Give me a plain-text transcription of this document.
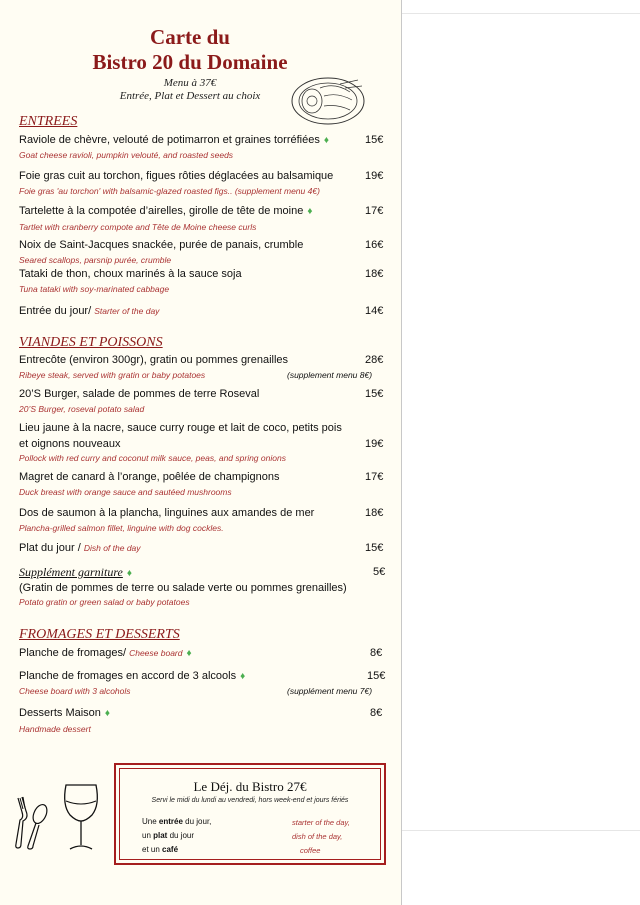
Carte du
Bistro 20 du Domaine
Menu à 37€
Entrée, Plat et Dessert au choix
ENTREES
Raviole de chèvre, velouté de potimarron et graines torréfiées ♦	15€
Goat cheese ravioli, pumpkin velouté, and roasted seeds
Foie gras cuit au torchon, figues rôties déglacées au balsamique	19€
Foie gras 'au torchon' with balsamic-glazed roasted figs.. (supplement menu 4€)
Tartelette à la compotée d’airelles, girolle de tête de moine ♦	17€
Tartlet with cranberry compote and Tête de Moine cheese curls
Noix de Saint-Jacques snackée, purée de panais, crumble	16€
Seared scallops, parsnip purée, crumble
Tataki de thon, choux marinés à la sauce soja	18€
Tuna tataki with soy-marinated cabbage
Entrée du jour/ Starter of the day	14€
VIANDES ET POISSONS
Entrecôte (environ 300gr), gratin ou pommes grenailles	28€
Ribeye steak, served with gratin or baby potatoes	(supplement menu 8€)
20’S Burger, salade de pommes de terre Roseval	15€
20’S Burger, roseval potato salad
Lieu jaune à la nacre, sauce curry rouge et lait de coco, petits pois
et oignons nouveaux	19€
Pollock with red curry and coconut milk sauce, peas, and spring onions
Magret de canard à l’orange, poêlée de champignons	17€
Duck breast with orange sauce and sautéed mushrooms
Dos de saumon à la plancha, linguines aux amandes de mer	18€
Plancha-grilled salmon fillet, linguine with dog cockles.
Plat du jour / Dish of the day	15€
Supplément garniture ♦	5€
(Gratin de pommes de terre ou salade verte ou pommes grenailles)
Potato gratin or green salad or baby potatoes
FROMAGES ET DESSERTS
Planche de fromages/ Cheese board ♦	8€
Planche de fromages en accord de 3 alcools ♦	15€
Cheese board with 3 alcohols	(supplément menu 7€)
Desserts Maison ♦	8€
Handmade dessert
Le Déj. du Bistro 27€
Servi le midi du lundi au vendredi, hors week-end et jours fériés
Une entrée du jour,
un plat du jour
et un café
starter of the day,
dish of the day,
coffee
